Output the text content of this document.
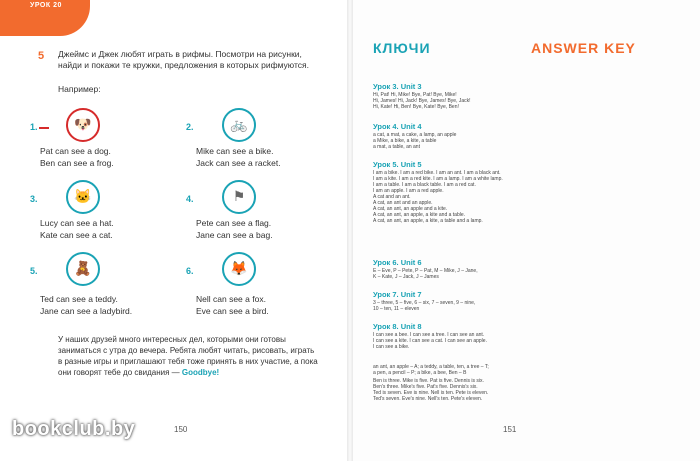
УРОК 20
5 Джеймс и Джек любят играть в рифмы. Посмотри на рисунки, найди и покажи те кружки, предложения в которых рифмуются.
Например:
1.	🐶
Pat can see a dog.
Ben can see a frog.
2.	🚲
Mike can see a bike.
Jack can see a racket.
3.	🐱
Lucy can see a hat.
Kate can see a cat.
4.	⚑
Pete can see a flag.
Jane can see a bag.
5.	🧸
Ted can see a teddy.
Jane can see a ladybird.
6.	🦊
Nell can see a fox.
Eve can see a bird.
У наших друзей много интересных дел, которыми они готовы заниматься с утра до вечера. Ребята любят читать, рисовать, играть в разные игры и приглашают тебя тоже принять в них участие, а пока они говорят тебе до свидания — Goodbye!
150
bookclub.by
КЛЮЧИ	ANSWER KEY
Урок 3. Unit 3
Hi, Pat! Hi, Mike! Bye, Pat! Bye, Mike!
Hi, James! Hi, Jack! Bye, James! Bye, Jack!
Hi, Kate! Hi, Ben! Bye, Kate! Bye, Ben!
Урок 4. Unit 4
a cat, a mat, a cake, a lamp, an apple
a Mike, a bike, a kite, a table
a mat, a table, an ant
Урок 5. Unit 5
I am a bike. I am a red bike. I am an ant. I am a black ant.
I am a kite. I am a red kite. I am a lamp. I am a white lamp.
I am a table. I am a black table. I am a red cat.
I am an apple. I am a red apple.
A cat and an ant.
A cat, an ant and an apple.
A cat, an ant, an apple and a kite.
A cat, an ant, an apple, a kite and a table.
A cat, an ant, an apple, a kite, a table and a lamp.
Урок 6. Unit 6
E – Eve, P – Pete, P – Pat, M – Mike, J – Jane,
K – Kate, J – Jack, J – James
Урок 7. Unit 7
3 – three, 5 – five, 6 – six, 7 – seven, 9 – nine,
10 – ten, 11 – eleven
Урок 8. Unit 8
I can see a bee. I can see a tree. I can see an ant.
I can see a kite. I can see a cat. I can see an apple.
I can see a bike.
an ant, an apple – A; a teddy, a table, ten, a tree – T;
a pen, a pencil – P; a bike, a bee, Ben – B
Ben is three. Mike is five. Pat is five. Dennis is six.
Ben's three. Mike's five. Pat's five. Dennis's six.
Ted is seven. Eve is nine. Nell is ten. Pete is eleven.
Ted's seven. Eve's nine. Nell's ten. Pete's eleven.
151
